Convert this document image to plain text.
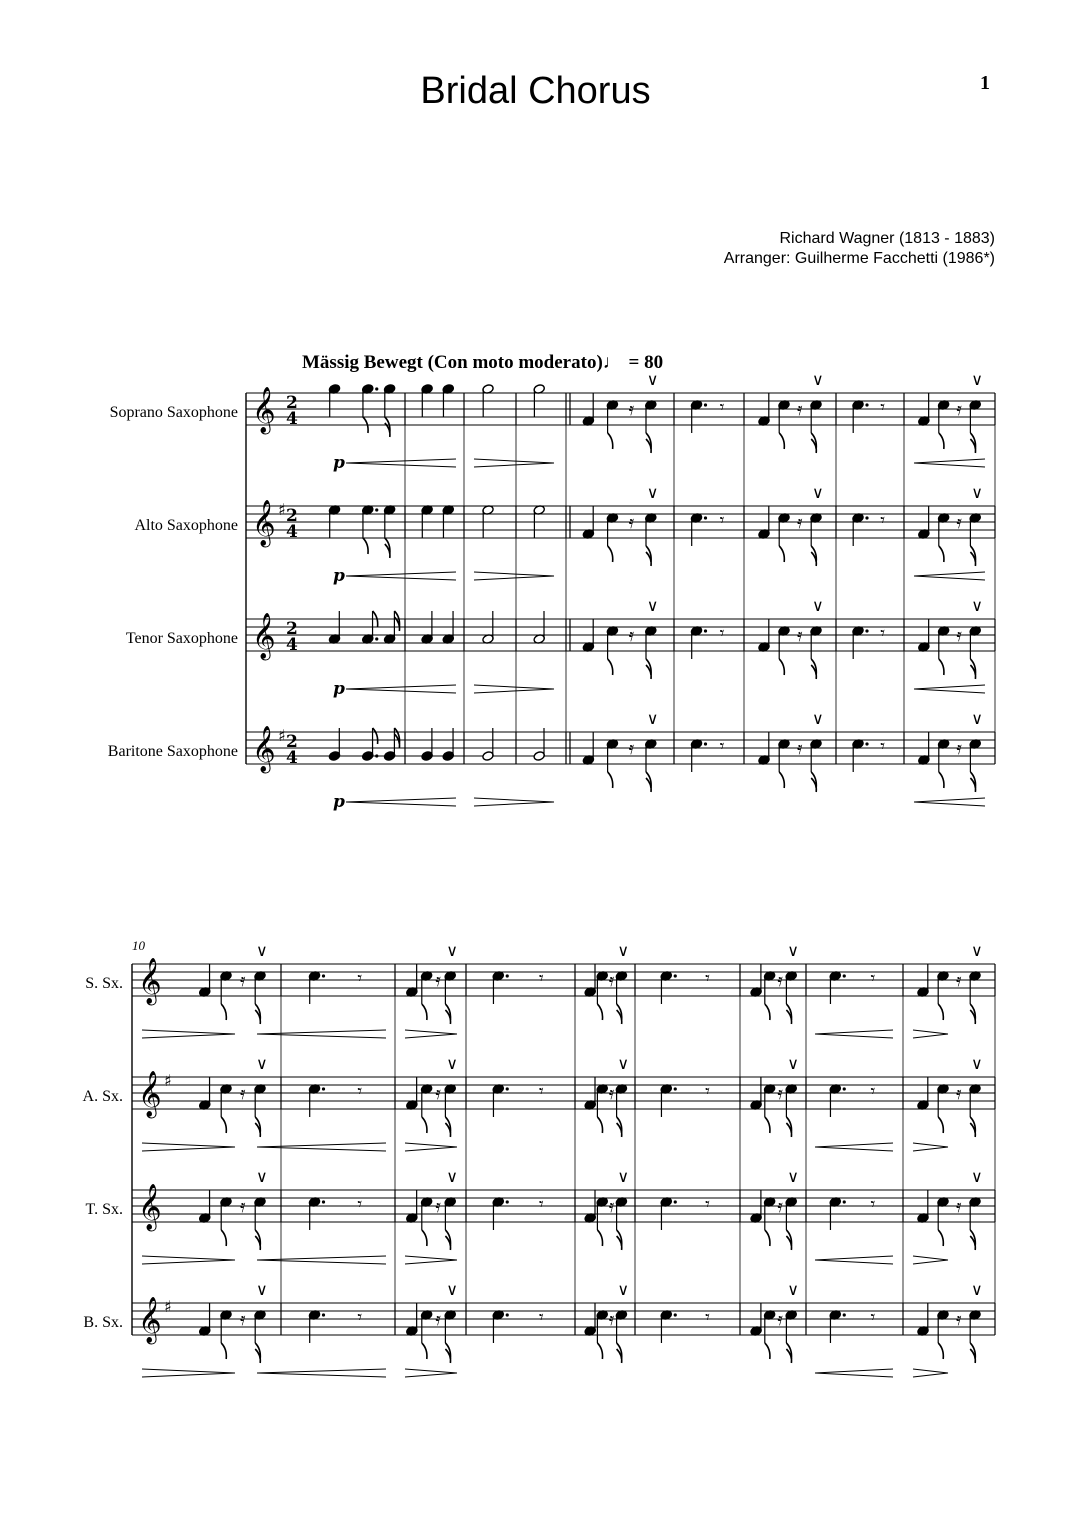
Bridal Chorus	1
Richard Wagner (1813 - 1883)
Arranger: Guilherme Facchetti (1986*)
Mässig Bewegt (Con moto moderato)♩ = 80
Soprano Saxophone
Alto Saxophone
Tenor Saxophone
Baritone Saxophone
S. Sx.
A. Sx.
T. Sx.
B. Sx.
10
𝄞 2
4
𝄞 ♯ 2
4
𝄞 2
4
𝄞 ♯ 2
4
𝄞
𝄞 ♯
𝄞
𝄞 ♯
𝄿
∨
𝄾	𝄿
∨
𝄾	𝄿
∨
𝄿
∨
𝄾	𝄿
∨
𝄾	𝄿
∨
𝄿
∨
𝄾	𝄿
∨
𝄾	𝄿
∨
𝄿
∨
𝄾	𝄿
∨
𝄾	𝄿
∨
𝄿
∨
𝄾	𝄿
∨
𝄾	𝄿
∨
𝄾	𝄿
∨
𝄾	𝄿
∨
𝄿
∨
𝄾	𝄿
∨
𝄾	𝄿
∨
𝄾	𝄿
∨
𝄾	𝄿
∨
𝄿
∨
𝄾	𝄿
∨
𝄾	𝄿
∨
𝄾	𝄿
∨
𝄾	𝄿
∨
𝄿
∨
𝄾	𝄿
∨
𝄾	𝄿
∨
𝄾	𝄿
∨
𝄾	𝄿
∨
p
p
p
p
